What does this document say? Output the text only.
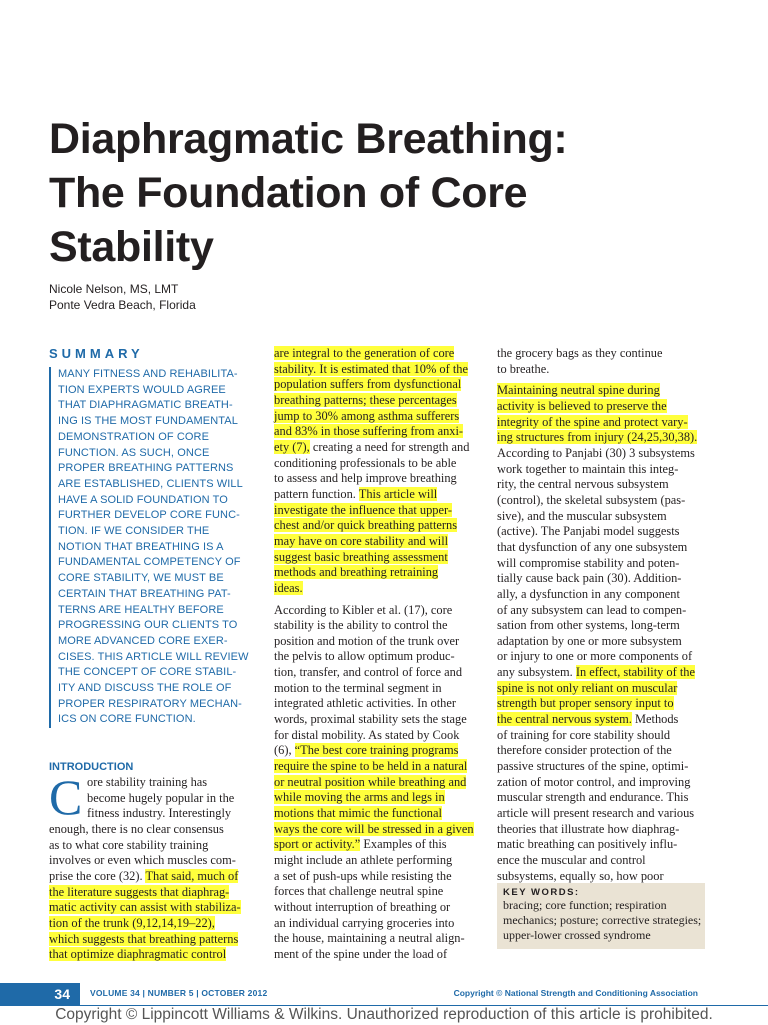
Diaphragmatic Breathing:
The Foundation of Core
Stability
Nicole Nelson, MS, LMT
Ponte Vedra Beach, Florida
SUMMARY
MANY FITNESS AND REHABILITA-
TION EXPERTS WOULD AGREE
THAT DIAPHRAGMATIC BREATH-
ING IS THE MOST FUNDAMENTAL
DEMONSTRATION OF CORE
FUNCTION. AS SUCH, ONCE
PROPER BREATHING PATTERNS
ARE ESTABLISHED, CLIENTS WILL
HAVE A SOLID FOUNDATION TO
FURTHER DEVELOP CORE FUNC-
TION. IF WE CONSIDER THE
NOTION THAT BREATHING IS A
FUNDAMENTAL COMPETENCY OF
CORE STABILITY, WE MUST BE
CERTAIN THAT BREATHING PAT-
TERNS ARE HEALTHY BEFORE
PROGRESSING OUR CLIENTS TO
MORE ADVANCED CORE EXER-
CISES. THIS ARTICLE WILL REVIEW
THE CONCEPT OF CORE STABIL-
ITY AND DISCUSS THE ROLE OF
PROPER RESPIRATORY MECHAN-
ICS ON CORE FUNCTION.
INTRODUCTION
C ore stability training has
become hugely popular in the
fitness industry. Interestingly
enough, there is no clear consensus
as to what core stability training
involves or even which muscles com-
prise the core (32). That said, much of
the literature suggests that diaphrag-
matic activity can assist with stabiliza-
tion of the trunk (9,12,14,19–22),
which suggests that breathing patterns
that optimize diaphragmatic control
are integral to the generation of core
stability. It is estimated that 10% of the
population suffers from dysfunctional
breathing patterns; these percentages
jump to 30% among asthma sufferers
and 83% in those suffering from anxi-
ety (7), creating a need for strength and
conditioning professionals to be able
to assess and help improve breathing
pattern function. This article will
investigate the influence that upper-
chest and/or quick breathing patterns
may have on core stability and will
suggest basic breathing assessment
methods and breathing retraining
ideas.
According to Kibler et al. (17), core
stability is the ability to control the
position and motion of the trunk over
the pelvis to allow optimum produc-
tion, transfer, and control of force and
motion to the terminal segment in
integrated athletic activities. In other
words, proximal stability sets the stage
for distal mobility. As stated by Cook
(6), “The best core training programs
require the spine to be held in a natural
or neutral position while breathing and
while moving the arms and legs in
motions that mimic the functional
ways the core will be stressed in a given
sport or activity.” Examples of this
might include an athlete performing
a set of push-ups while resisting the
forces that challenge neutral spine
without interruption of breathing or
an individual carrying groceries into
the house, maintaining a neutral align-
ment of the spine under the load of
the grocery bags as they continue
to breathe.
Maintaining neutral spine during
activity is believed to preserve the
integrity of the spine and protect vary-
ing structures from injury (24,25,30,38).
According to Panjabi (30) 3 subsystems
work together to maintain this integ-
rity, the central nervous subsystem
(control), the skeletal subsystem (pas-
sive), and the muscular subsystem
(active). The Panjabi model suggests
that dysfunction of any one subsystem
will compromise stability and poten-
tially cause back pain (30). Addition-
ally, a dysfunction in any component
of any subsystem can lead to compen-
sation from other systems, long-term
adaptation by one or more subsystem
or injury to one or more components of
any subsystem. In effect, stability of the
spine is not only reliant on muscular
strength but proper sensory input to
the central nervous system. Methods
of training for core stability should
therefore consider protection of the
passive structures of the spine, optimi-
zation of motor control, and improving
muscular strength and endurance. This
article will present research and various
theories that illustrate how diaphrag-
matic breathing can positively influ-
ence the muscular and control
subsystems, equally so, how poor
KEY WORDS:
bracing; core function; respiration
mechanics; posture; corrective strategies;
upper-lower crossed syndrome
34	VOLUME 34 | NUMBER 5 | OCTOBER 2012	Copyright © National Strength and Conditioning Association
Copyright © Lippincott Williams & Wilkins. Unauthorized reproduction of this article is prohibited.
